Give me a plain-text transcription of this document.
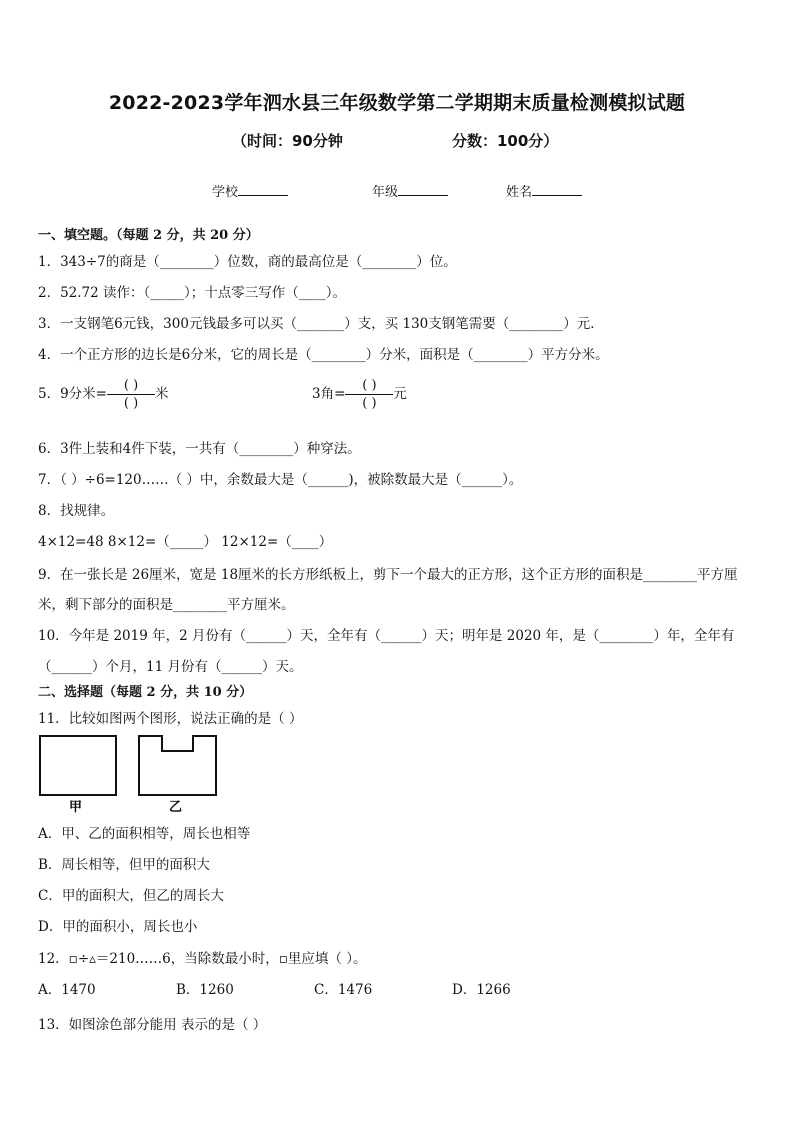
2022-2023学年泗水县三年级数学第二学期期末质量检测模拟试题
（时间：90分钟	分数：100分）
学校	年级	姓名
一、填空题。（每题 2 分，共 20 分）
1．343÷7的商是（________）位数，商的最高位是（________）位。
2．52.72 读作：（_____）；十点零三写作（____）。
3．一支钢笔6元钱，300元钱最多可以买（_______）支，买 130支钢笔需要（________）元．
4．一个正方形的边长是6分米，它的周长是（________）分米，面积是（________）平方分米。
5．9分米= $\frac{( )}{( )}$ 米	3角= $\frac{( )}{( )}$ 元
6．3件上装和4件下装，一共有（________）种穿法。
7．（ ）÷6=120……（ ）中，余数最大是（______)，被除数最大是（______）。
8．找规律。
4×12=48 8×12=（_____） 12×12=（____）
9．在一张长是 26厘米，宽是 18厘米的长方形纸板上，剪下一个最大的正方形，这个正方形的面积是________平方厘
米，剩下部分的面积是________平方厘米。
10．今年是 2019 年，2 月份有（______）天，全年有（______）天；明年是 2020 年，是（________）年，全年有
（______）个月，11 月份有（______）天。
二、选择题（每题 2 分，共 10 分）
11．比较如图两个图形，说法正确的是（ ）
甲	乙
A．甲、乙的面积相等，周长也相等
B．周长相等，但甲的面积大
C．甲的面积大，但乙的周长大
D．甲的面积小，周长也小
12．▫÷▵＝210……6，当除数最小时，▫里应填（ ）。
A．1470	B．1260	C．1476	D．1266
13．如图涂色部分能用 表示的是（ ）
